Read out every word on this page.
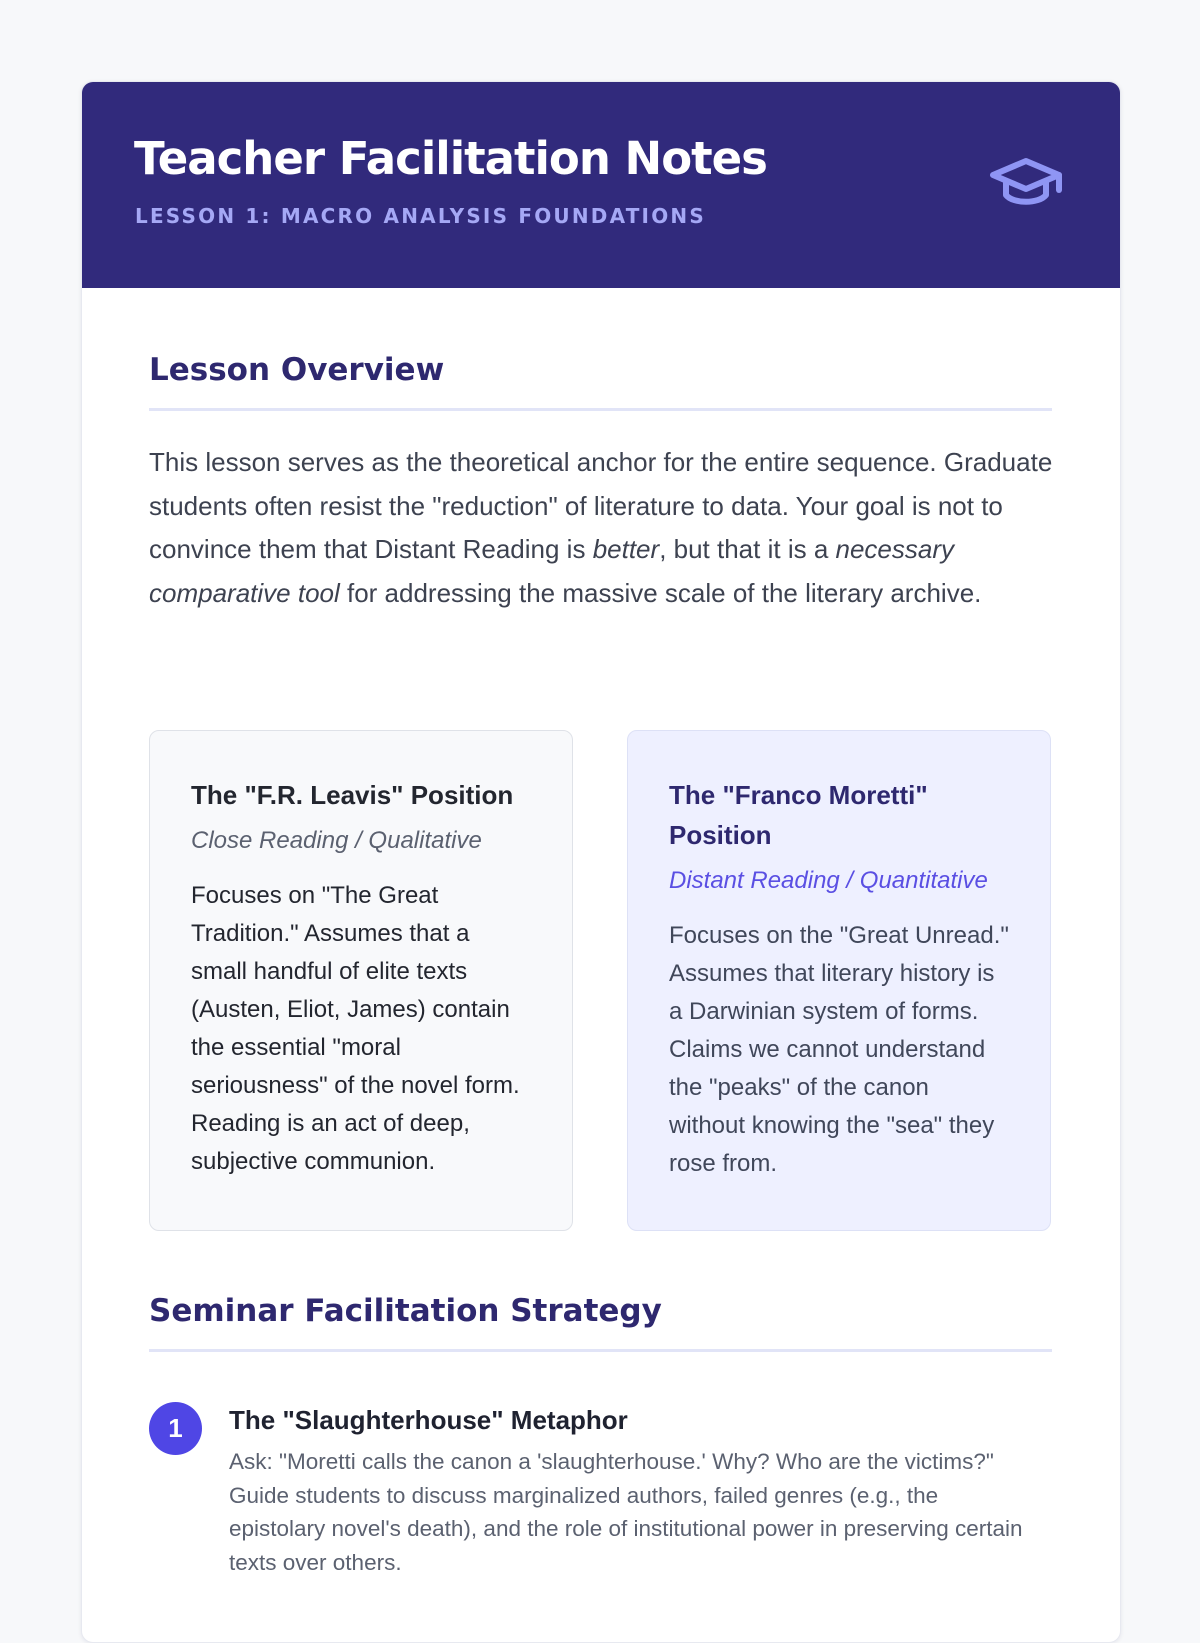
Teacher Facilitation Notes
LESSON 1: MACRO ANALYSIS FOUNDATIONS
Lesson Overview

This lesson serves as the theoretical anchor for the entire sequence. Graduate students often resist the "reduction" of literature to data. Your goal is not to convince them that Distant Reading is better, but that it is a necessary comparative tool for addressing the massive scale of the literary archive.

The "F.R. Leavis" Position

Close Reading / Qualitative

Focuses on "The Great Tradition." Assumes that a small handful of elite texts (Austen, Eliot, James) contain the essential "moral seriousness" of the novel form. Reading is an act of deep, subjective communion.

The "Franco Moretti" Position

Distant Reading / Quantitative

Focuses on the "Great Unread." Assumes that literary history is a Darwinian system of forms. Claims we cannot understand the "peaks" of the canon without knowing the "sea" they rose from.

Seminar Facilitation Strategy
1	The "Slaughterhouse" Metaphor

Ask: "Moretti calls the canon a 'slaughterhouse.' Why? Who are the victims?" Guide students to discuss marginalized authors, failed genres (e.g., the epistolary novel's death), and the role of institutional power in preserving certain texts over others.
